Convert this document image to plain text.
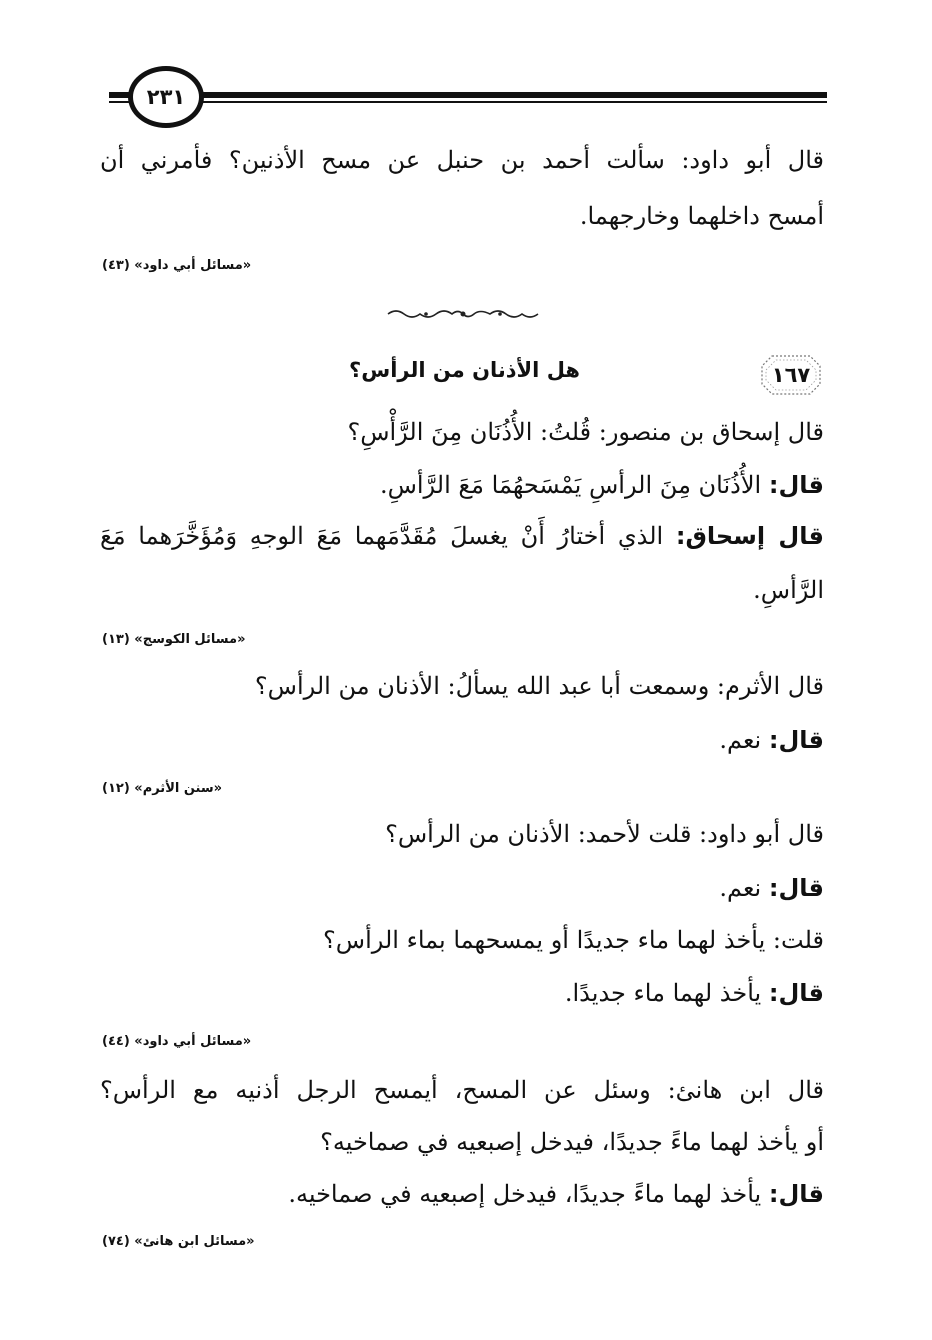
٢٣١
قال أبو داود: سألت أحمد بن حنبل عن مسح الأذنين؟ فأمرني أن
أمسح داخلهما وخارجهما.
«مسائل أبي داود» (٤٣)
١٦٧
هل الأذنان من الرأس؟
قال إسحاق بن منصور: قُلتُ: الأُذُنَان مِنَ الرَّأْسِ؟
قال: الأُذُنَان مِنَ الرأسِ يَمْسَحهُمَا مَعَ الرَّأسِ.
قال إسحاق: الذي أختارُ أَنْ يغسلَ مُقَدَّمَهما مَعَ الوجهِ وَمُؤَخَّرَهما مَعَ
الرَّأسِ.
«مسائل الكوسج» (١٣)
قال الأثرم: وسمعت أبا عبد الله يسألُ: الأذنان من الرأس؟
قال: نعم.
«سنن الأثرم» (١٢)
قال أبو داود: قلت لأحمد: الأذنان من الرأس؟
قال: نعم.
قلت: يأخذ لهما ماء جديدًا أو يمسحهما بماء الرأس؟
قال: يأخذ لهما ماء جديدًا.
«مسائل أبي داود» (٤٤)
قال ابن هانئ: وسئل عن المسح، أيمسح الرجل أذنيه مع الرأس؟
أو يأخذ لهما ماءً جديدًا، فيدخل إصبعيه في صماخيه؟
قال: يأخذ لهما ماءً جديدًا، فيدخل إصبعيه في صماخيه.
«مسائل ابن هانئ» (٧٤)
